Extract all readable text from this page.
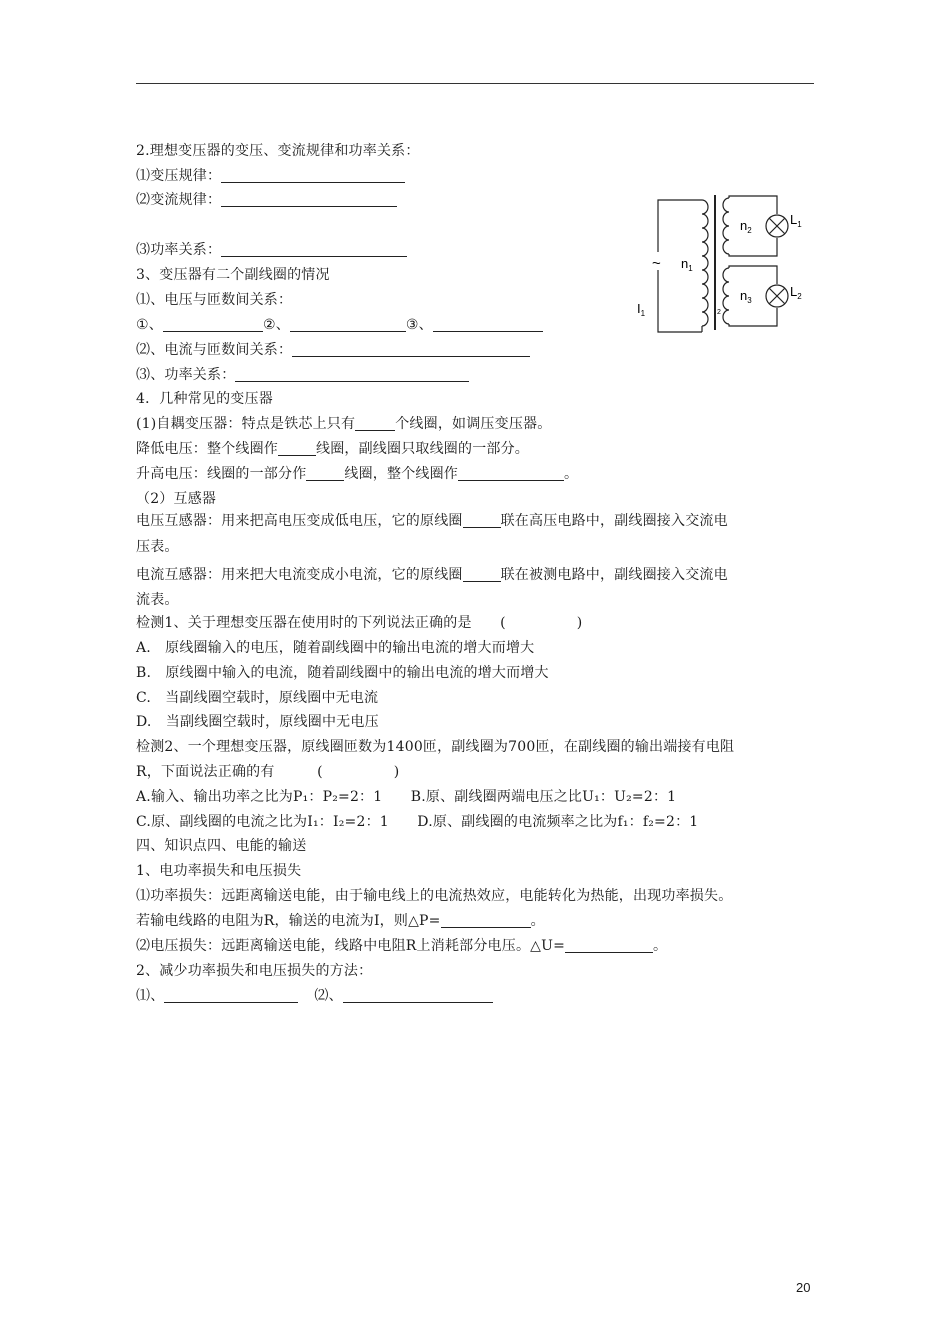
2.理想变压器的变压、变流规律和功率关系：
⑴变压规律：
⑵变流规律：
⑶功率关系：
3、变压器有二个副线圈的情况
⑴、电压与匝数间关系：
①、	②、	③、
⑵、电流与匝数间关系：
⑶、功率关系：
4．几种常见的变压器
(1)自耦变压器：特点是铁芯上只有	个线圈，如调压变压器。
降低电压：整个线圈作	线圈，副线圈只取线圈的一部分。
升高电压：线圈的一部分作	线圈，整个线圈作	。
（2）互感器
电压互感器：用来把高电压变成低电压，它的原线圈	联在高压电路中，副线圈接入交流电
压表。
电流互感器：用来把大电流变成小电流，它的原线圈	联在被测电路中，副线圈接入交流电
流表。
检测1、关于理想变压器在使用时的下列说法正确的是　　(　　　　　)
A.　原线圈输入的电压，随着副线圈中的输出电流的增大而增大
B.　原线圈中输入的电流，随着副线圈中的输出电流的增大而增大
C.　当副线圈空载时，原线圈中无电流
D.　当副线圈空载时，原线圈中无电压
检测2、一个理想变压器，原线圈匝数为1400匝，副线圈为700匝，在副线圈的输出端接有电阻
R，下面说法正确的有　　　(　　　　　)
A.输入、输出功率之比为P₁：P₂=2：1　　B.原、副线圈两端电压之比U₁：U₂=2：1
C.原、副线圈的电流之比为I₁：I₂=2：1　　D.原、副线圈的电流频率之比为f₁：f₂=2：1
四、知识点四、电能的输送
1、电功率损失和电压损失
⑴功率损失：远距离输送电能，由于输电线上的电流热效应，电能转化为热能，出现功率损失。
若输电线路的电阻为R，输送的电流为I，则△P=	。
⑵电压损失：远距离输送电能，线路中电阻R上消耗部分电压。△U=	。
2、减少功率损失和电压损失的方法：
⑴、	⑵、
~ $n_1$
$n_2$
$n_3$
$L_1$
$L_2$
$I_1$	2
20
